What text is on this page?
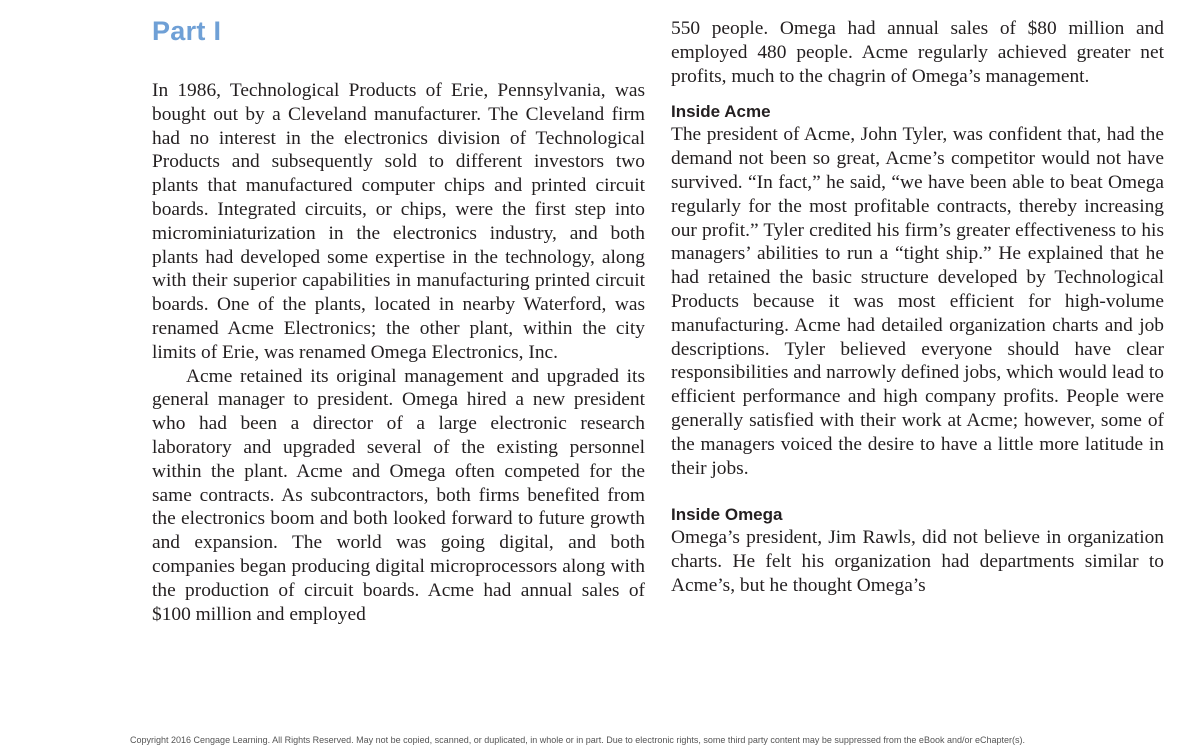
Part I

In 1986, Technological Products of Erie, Pennsylvania, was bought out by a Cleveland manufacturer. The Cleveland firm had no interest in the electronics division of Technological Products and subsequently sold to different investors two plants that manufactured computer chips and printed circuit boards. Integrated circuits, or chips, were the first step into microminiaturization in the electronics industry, and both plants had developed some expertise in the technology, along with their superior capabilities in manufacturing printed circuit boards. One of the plants, located in nearby Waterford, was renamed Acme Electronics; the other plant, within the city limits of Erie, was renamed Omega Electronics, Inc.

Acme retained its original management and upgraded its general manager to president. Omega hired a new president who had been a director of a large electronic research laboratory and upgraded several of the existing personnel within the plant. Acme and Omega often competed for the same contracts. As subcontractors, both firms benefited from the electronics boom and both looked forward to future growth and expansion. The world was going digital, and both companies began producing digital microprocessors along with the production of circuit boards. Acme had annual sales of $100 million and employed

550 people. Omega had annual sales of $80 million and employed 480 people. Acme regularly achieved greater net profits, much to the chagrin of Omega’s management.

Inside Acme

The president of Acme, John Tyler, was confident that, had the demand not been so great, Acme’s competitor would not have survived. “In fact,” he said, “we have been able to beat Omega regularly for the most profitable contracts, thereby increasing our profit.” Tyler credited his firm’s greater effectiveness to his managers’ abilities to run a “tight ship.” He explained that he had retained the basic structure developed by Technological Products because it was most efficient for high-volume manufacturing. Acme had detailed organization charts and job descriptions. Tyler believed everyone should have clear responsibilities and narrowly defined jobs, which would lead to efficient performance and high company profits. People were generally satisfied with their work at Acme; however, some of the managers voiced the desire to have a little more latitude in their jobs.

Inside Omega

Omega’s president, Jim Rawls, did not believe in organization charts. He felt his organization had departments similar to Acme’s, but he thought Omega’s

Copyright 2016 Cengage Learning. All Rights Reserved. May not be copied, scanned, or duplicated, in whole or in part. Due to electronic rights, some third party content may be suppressed from the eBook and/or eChapter(s).
